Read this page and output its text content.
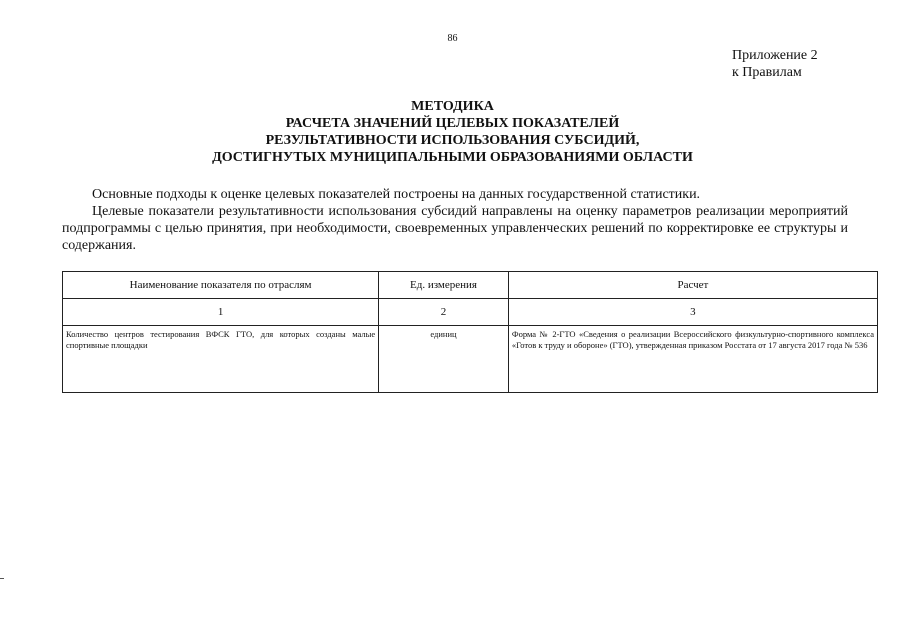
86
Приложение 2
к Правилам
МЕТОДИКА
РАСЧЕТА ЗНАЧЕНИЙ ЦЕЛЕВЫХ ПОКАЗАТЕЛЕЙ
РЕЗУЛЬТАТИВНОСТИ ИСПОЛЬЗОВАНИЯ СУБСИДИЙ,
ДОСТИГНУТЫХ МУНИЦИПАЛЬНЫМИ ОБРАЗОВАНИЯМИ ОБЛАСТИ

Основные подходы к оценке целевых показателей построены на данных государственной статистики.

Целевые показатели результативности использования субсидий направлены на оценку параметров реализации мероприятий подпрограммы с целью принятия, при необходимости, своевременных управленческих решений по корректировке ее структуры и содержания.

Наименование показателя по отраслям	Ед. измерения	Расчет
1	2	3
Количество центров тестирования ВФСК ГТО, для которых созданы малые спортивные площадки	единиц	Форма № 2-ГТО «Сведения о реализации Всероссийского физкультурно-спортивного комплекса «Готов к труду и обороне» (ГТО), утвержденная приказом Росстата от 17 августа 2017 года № 536
